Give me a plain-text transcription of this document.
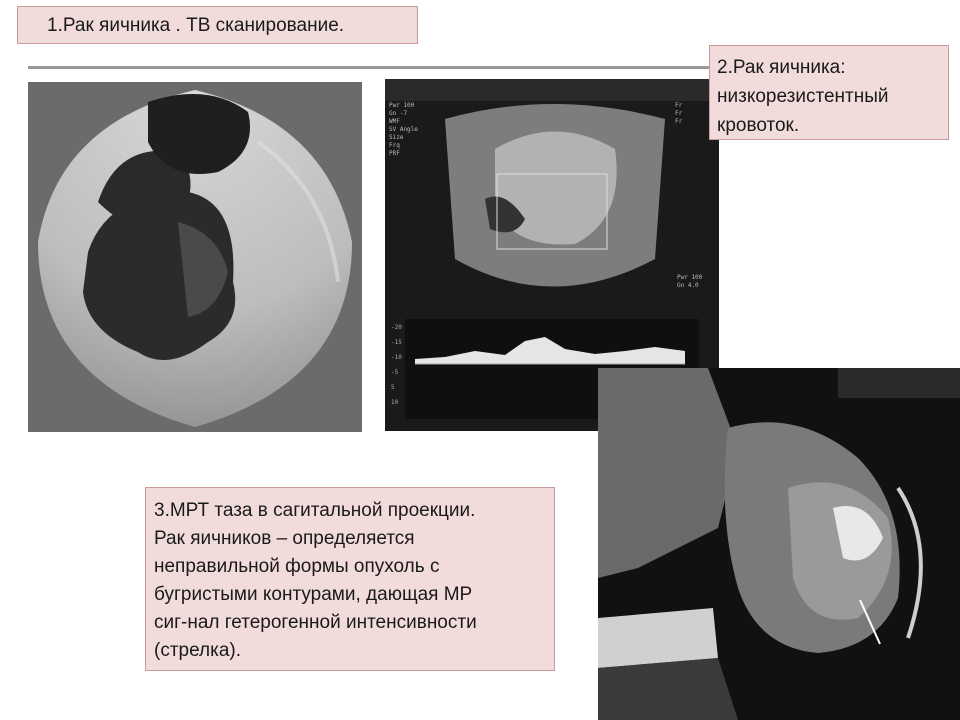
1.Рак яичника . ТВ сканирование.
2.Рак яичника:
низкорезистентный
кровоток.
Pwr 100
Gn -7
WMF
SV Angle
Size
Frq
PRF
Fr
Fr
Fr
Pwr 100
Gn 4.0
-20
-15
-10
-5
5
10
3.МРТ таза в сагитальной проекции.
Рак яичников – определяется
неправильной формы опухоль с
бугристыми контурами, дающая МР
сиг-нал гетерогенной интенсивности
(стрелка).
